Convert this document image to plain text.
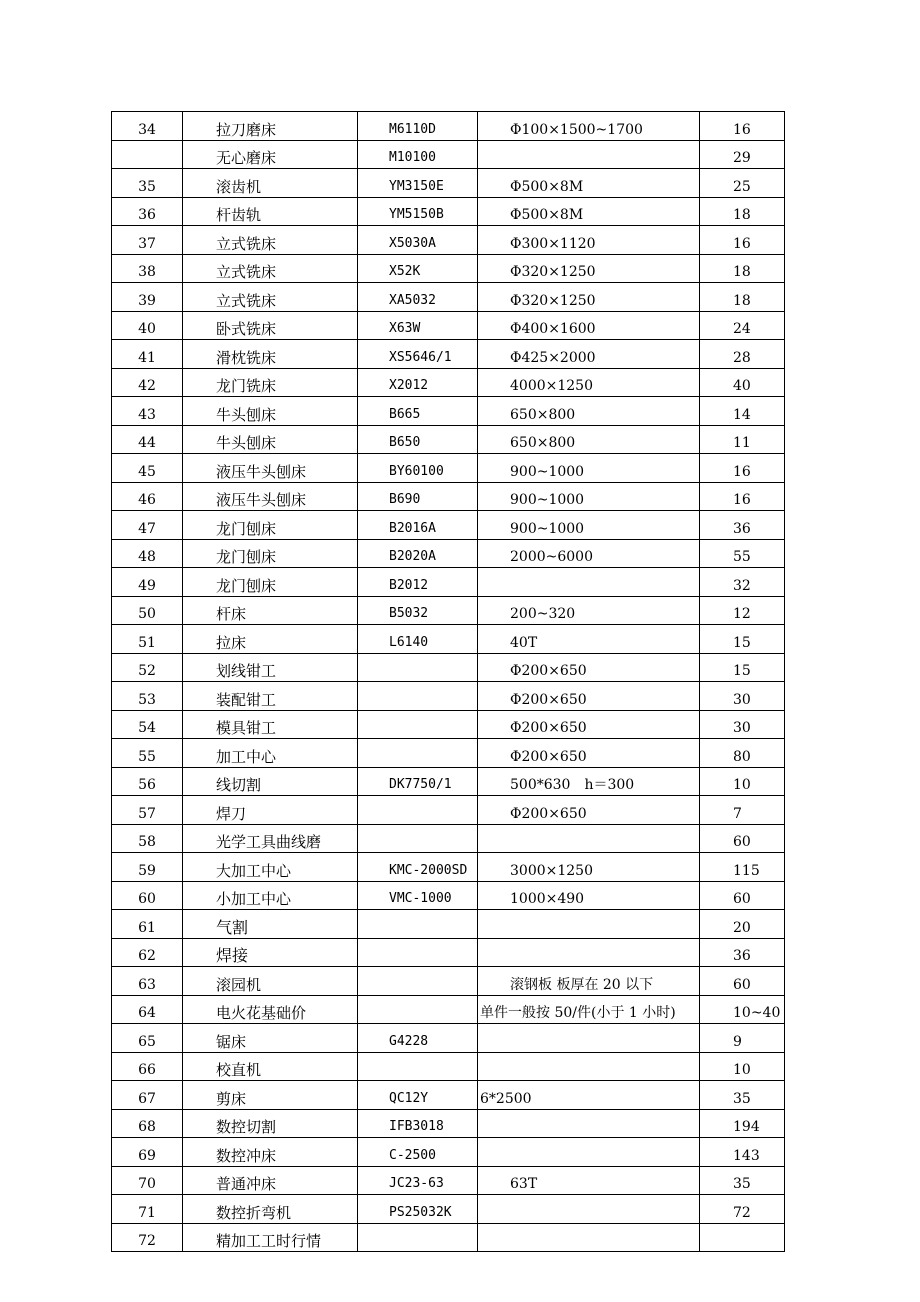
34	拉刀磨床	M6110D	Φ100×1500~1700	16
	无心磨床	M10100		29
35	滚齿机	YM3150E	Φ500×8M	25
36	杆齿轨	YM5150B	Φ500×8M	18
37	立式铣床	X5030A	Φ300×1120	16
38	立式铣床	X52K	Φ320×1250	18
39	立式铣床	XA5032	Φ320×1250	18
40	卧式铣床	X63W	Φ400×1600	24
41	滑枕铣床	XS5646/1	Φ425×2000	28
42	龙门铣床	X2012	4000×1250	40
43	牛头刨床	B665	650×800	14
44	牛头刨床	B650	650×800	11
45	液压牛头刨床	BY60100	900~1000	16
46	液压牛头刨床	B690	900~1000	16
47	龙门刨床	B2016A	900~1000	36
48	龙门刨床	B2020A	2000~6000	55
49	龙门刨床	B2012		32
50	杆床	B5032	200~320	12
51	拉床	L6140	40T	15
52	划线钳工		Φ200×650	15
53	装配钳工		Φ200×650	30
54	模具钳工		Φ200×650	30
55	加工中心		Φ200×650	80
56	线切割	DK7750/1	500*630　h＝300	10
57	焊刀		Φ200×650	7
58	光学工具曲线磨			60
59	大加工中心	KMC-2000SD	3000×1250	115
60	小加工中心	VMC-1000	1000×490	60
61	气割			20
62	焊接			36
63	滚园机		滚钢板 板厚在 20 以下	60
64	电火花基础价		单件一般按 50/件(小于 1 小时)	10~40
65	锯床	G4228		9
66	校直机			10
67	剪床	QC12Y	6*2500	35
68	数控切割	IFB3018		194
69	数控冲床	C-2500		143
70	普通冲床	JC23-63	63T	35
71	数控折弯机	PS25032K		72
72	精加工工时行情			
